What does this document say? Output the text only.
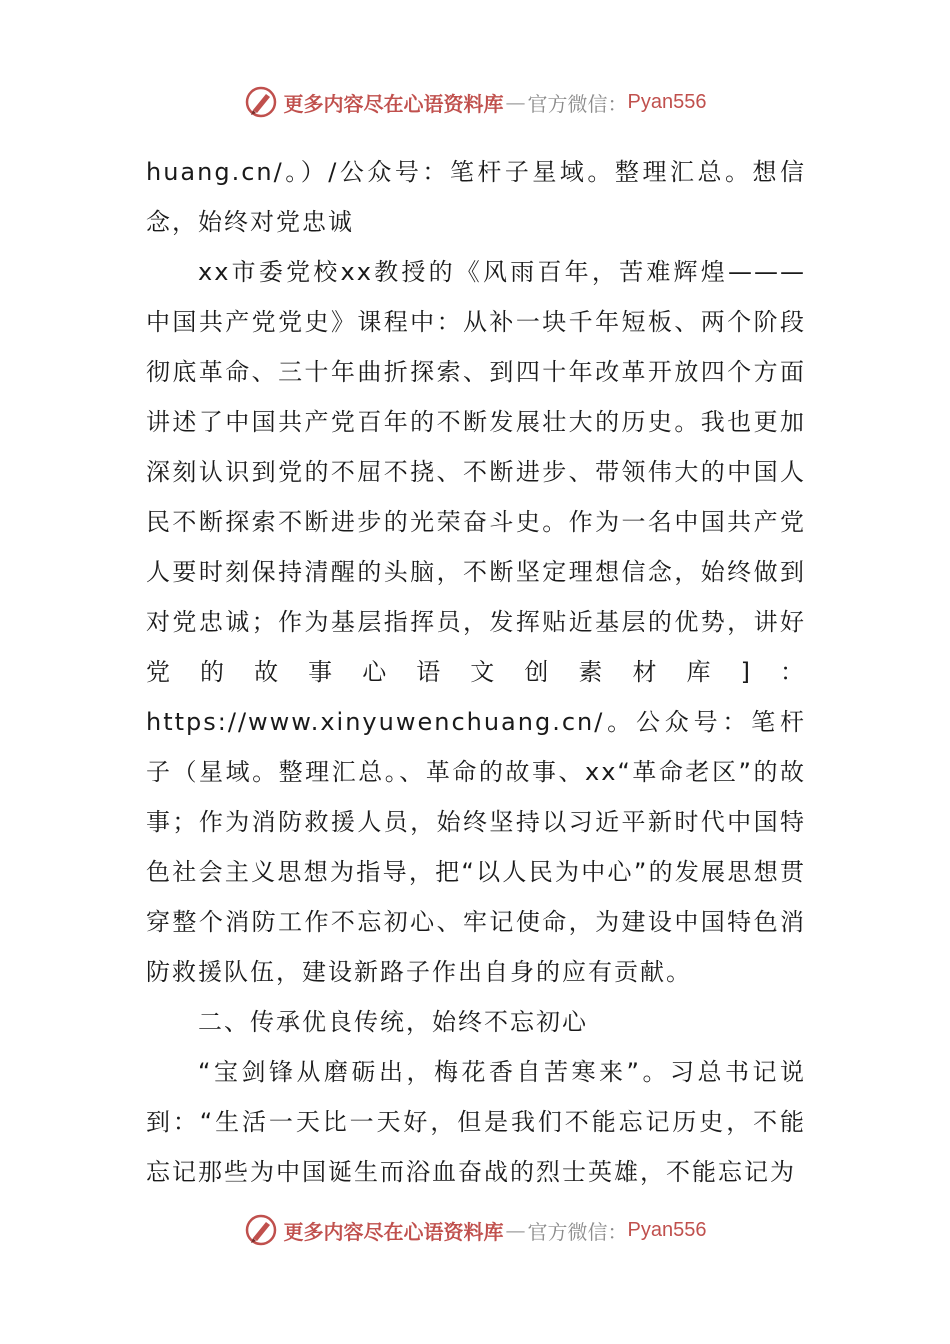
更多内容尽在心语资料库 — 官方微信： Pyan556

huang.cn/。）/公众号：笔杆子星域。整理汇总。想信念，始终对党忠诚

xx市委党校xx教授的《风雨百年，苦难辉煌———中国共产党党史》课程中：从补一块千年短板、两个阶段彻底革命、三十年曲折探索、到四十年改革开放四个方面讲述了中国共产党百年的不断发展壮大的历史。我也更加深刻认识到党的不屈不挠、不断进步、带领伟大的中国人民不断探索不断进步的光荣奋斗史。作为一名中国共产党人要时刻保持清醒的头脑，不断坚定理想信念，始终做到对党忠诚；作为基层指挥员，发挥贴近基层的优势，讲好党的故事心语文创素材库]：https://www.xinyuwenchuang.cn/。公众号：笔杆子（星域。整理汇总。、革命的故事、xx“革命老区”的故事；作为消防救援人员，始终坚持以习近平新时代中国特色社会主义思想为指导，把“以人民为中心”的发展思想贯穿整个消防工作不忘初心、牢记使命，为建设中国特色消防救援队伍，建设新路子作出自身的应有贡献。

二、传承优良传统，始终不忘初心

“宝剑锋从磨砺出，梅花香自苦寒来”。习总书记说到：“生活一天比一天好，但是我们不能忘记历史，不能忘记那些为中国诞生而浴血奋战的烈士英雄，不能忘记为

更多内容尽在心语资料库 — 官方微信： Pyan556
